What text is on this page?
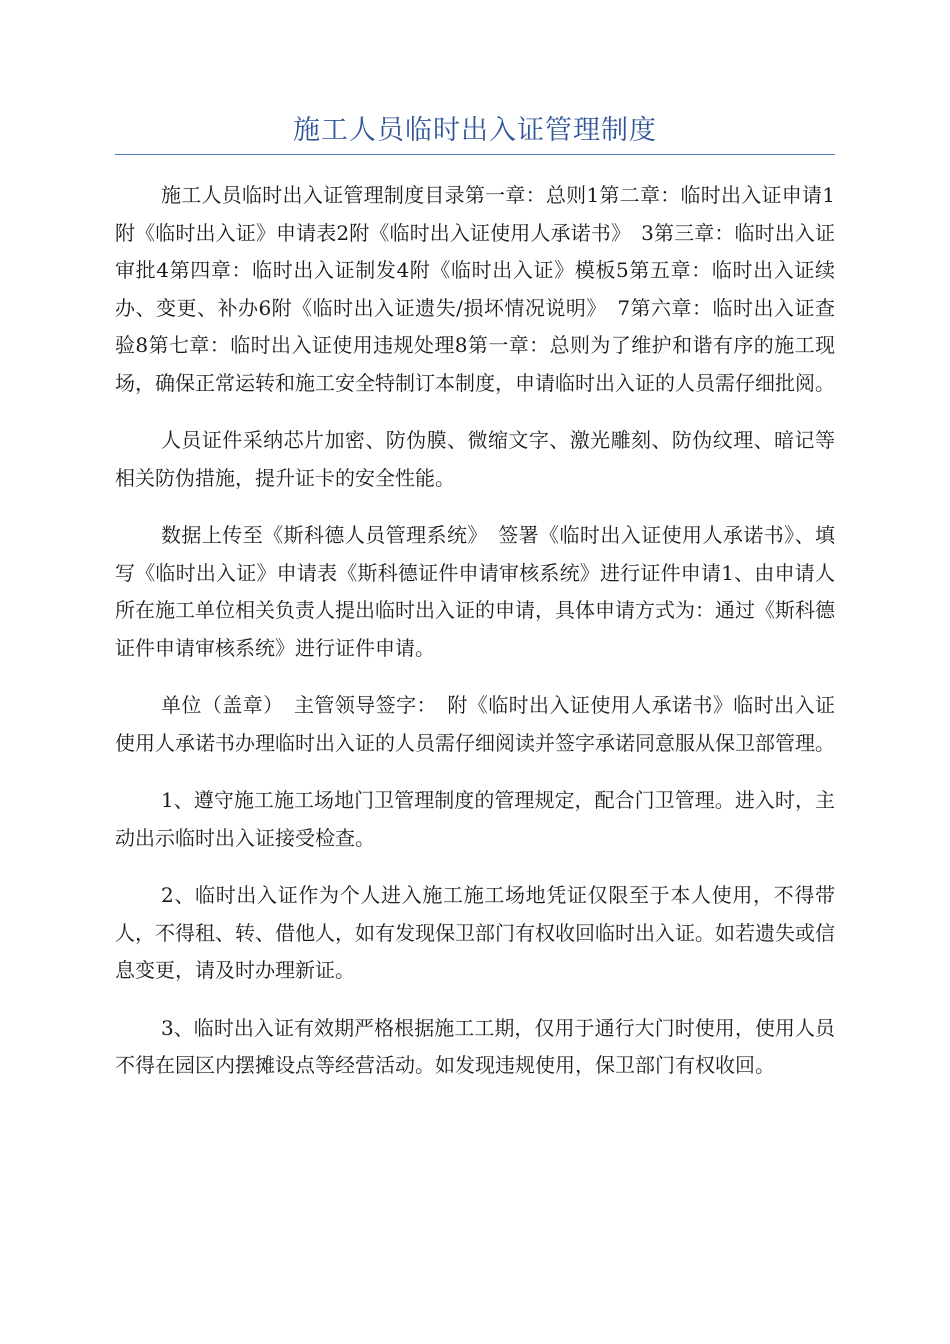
施工人员临时出入证管理制度

施工人员临时出入证管理制度目录第一章：总则1第二章：临时出入证申请1附《临时出入证》申请表2附《临时出入证使用人承诺书》　3第三章：临时出入证审批4第四章：临时出入证制发4附《临时出入证》模板5第五章：临时出入证续办、变更、补办6附《临时出入证遗失/损坏情况说明》　7第六章：临时出入证查验8第七章：临时出入证使用违规处理8第一章：总则为了维护和谐有序的施工现场，确保正常运转和施工安全特制订本制度，申请临时出入证的人员需仔细批阅。

人员证件采纳芯片加密、防伪膜、微缩文字、激光雕刻、防伪纹理、暗记等相关防伪措施，提升证卡的安全性能。

数据上传至《斯科德人员管理系统》　签署《临时出入证使用人承诺书》、填写《临时出入证》申请表《斯科德证件申请审核系统》进行证件申请1、由申请人所在施工单位相关负责人提出临时出入证的申请，具体申请方式为：通过《斯科德证件申请审核系统》进行证件申请。

单位（盖章）　主管领导签字：　附《临时出入证使用人承诺书》临时出入证使用人承诺书办理临时出入证的人员需仔细阅读并签字承诺同意服从保卫部管理。

1、遵守施工施工场地门卫管理制度的管理规定，配合门卫管理。进入时，主动出示临时出入证接受检查。

2、临时出入证作为个人进入施工施工场地凭证仅限至于本人使用，不得带人，不得租、转、借他人，如有发现保卫部门有权收回临时出入证。如若遗失或信息变更，请及时办理新证。

3、临时出入证有效期严格根据施工工期，仅用于通行大门时使用，使用人员不得在园区内摆摊设点等经营活动。如发现违规使用，保卫部门有权收回。
